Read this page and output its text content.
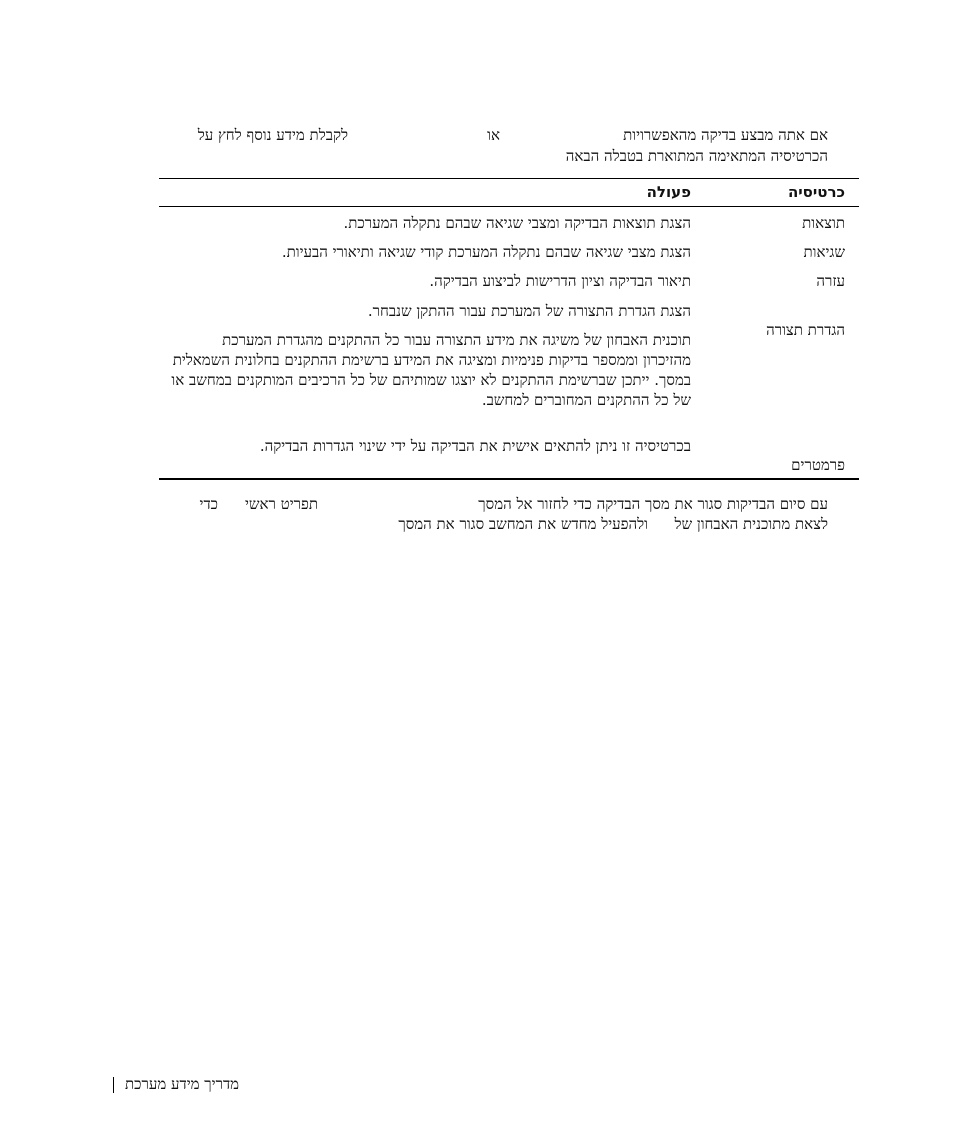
אם אתה מבצע בדיקה מהאפשרויות
או
לקבלת מידע נוסף לחץ על
הכרטיסיה המתאימה המתוארת בטבלה הבאה
כרטיסיה
פעולה
תוצאות
הצגת תוצאות הבדיקה ומצבי שגיאה שבהם נתקלה המערכת.
שגיאות
הצגת מצבי שגיאה שבהם נתקלה המערכת קודי שגיאה ותיאורי הבעיות.
עזרה
תיאור הבדיקה וציון הדרישות לביצוע הבדיקה.
הגדרת תצורה
הצגת הגדרת התצורה של המערכת עבור ההתקן שנבחר.
תוכנית האבחון של משיגה את מידע התצורה עבור כל ההתקנים מהגדרת המערכת מהזיכרון וממספר בדיקות פנימיות ומציגה את המידע ברשימת ההתקנים בחלונית השמאלית במסך. ייתכן שברשימת ההתקנים לא יוצגו שמותיהם של כל הרכיבים המותקנים במחשב או של כל ההתקנים המחוברים למחשב.
פרמטרים
בכרטיסיה זו ניתן להתאים אישית את הבדיקה על ידי שינוי הגדרות הבדיקה.
עם סיום הבדיקות סגור את מסך הבדיקה כדי לחזור אל המסך
תפריט ראשי
כדי
לצאת מתוכנית האבחון של
ולהפעיל מחדש את המחשב סגור את המסך
מדריך מידע מערכת
